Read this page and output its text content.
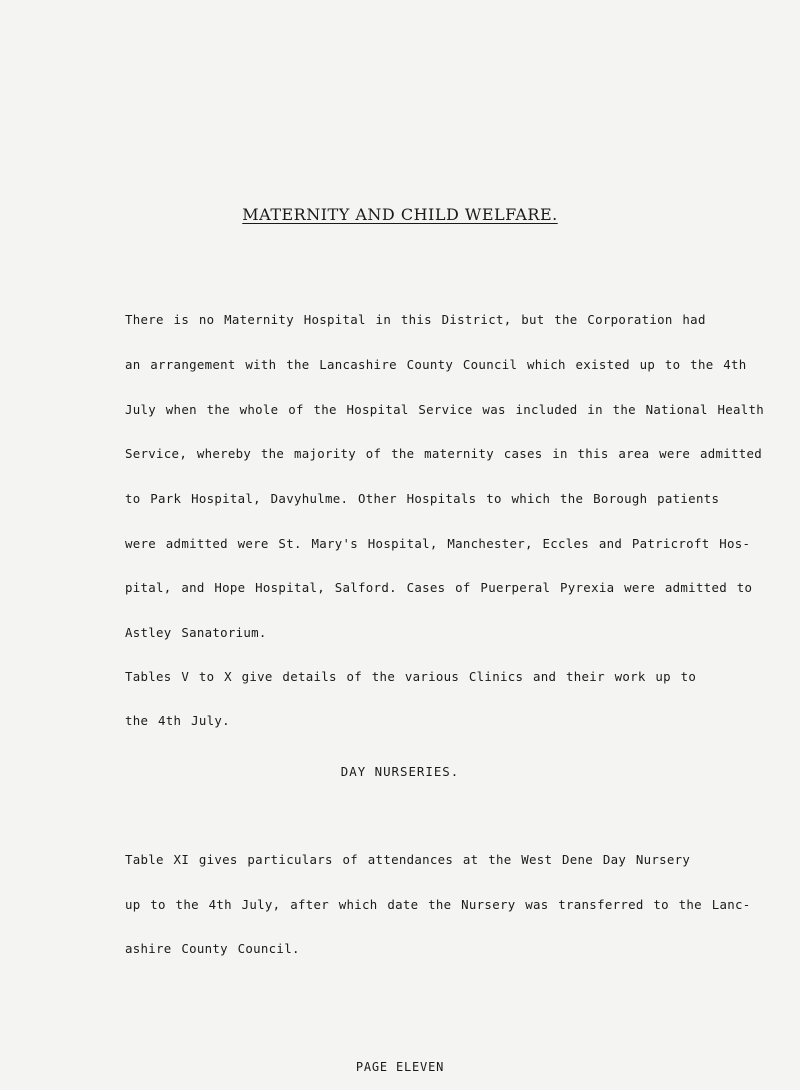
MATERNITY AND CHILD WELFARE.
There is no Maternity Hospital in this District, but the Corporation had
an arrangement with the Lancashire County Council which existed up to the 4th
July when the whole of the Hospital Service was included in the National Health
Service, whereby the majority of the maternity cases in this area were admitted
to Park Hospital, Davyhulme. Other Hospitals to which the Borough patients
were admitted were St. Mary's Hospital, Manchester, Eccles and Patricroft Hos-
pital, and Hope Hospital, Salford. Cases of Puerperal Pyrexia were admitted to
Astley Sanatorium.
Tables V to X give details of the various Clinics and their work up to
the 4th July.
DAY NURSERIES.
Table XI gives particulars of attendances at the West Dene Day Nursery
up to the 4th July, after which date the Nursery was transferred to the Lanc-
ashire County Council.
PAGE ELEVEN
